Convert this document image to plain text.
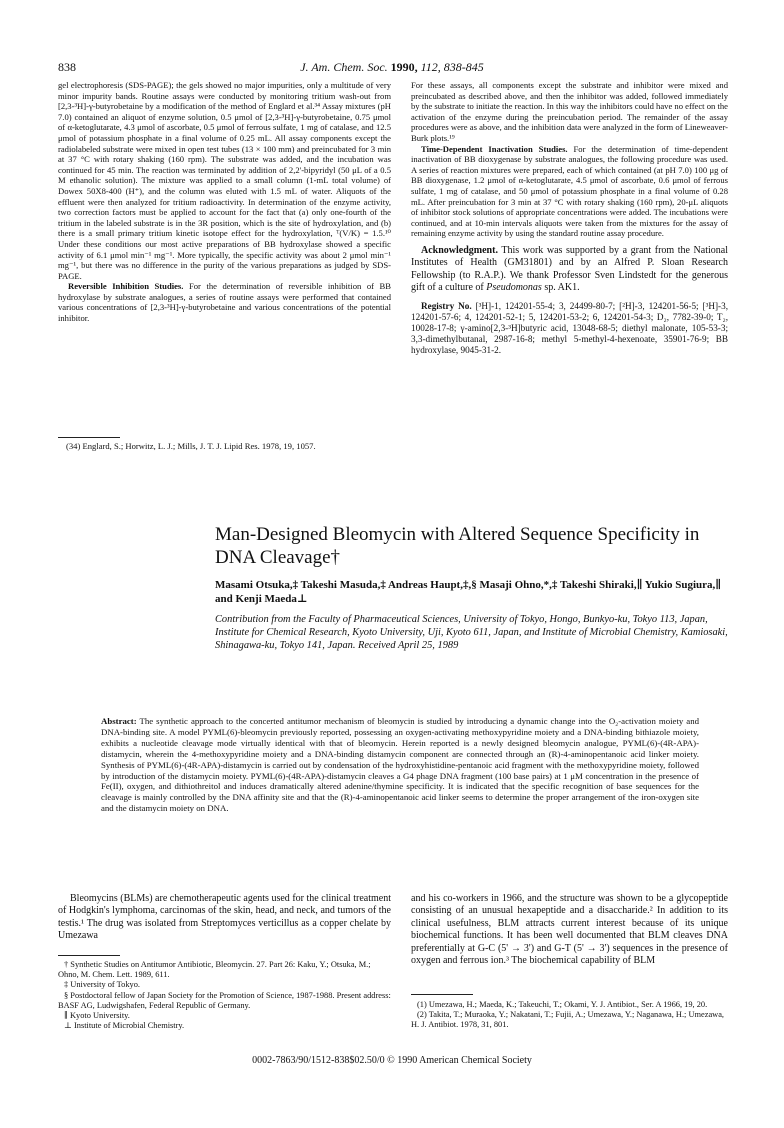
838	J. Am. Chem. Soc. 1990, 112, 838-845

gel electrophoresis (SDS-PAGE); the gels showed no major impurities, only a multitude of very minor impurity bands. Routine assays were conducted by monitoring tritium wash-out from [2,3-³H]-γ-butyrobetaine by a modification of the method of Englard et al.³⁴ Assay mixtures (pH 7.0) contained an aliquot of enzyme solution, 0.5 μmol of [2,3-³H]-γ-butyrobetaine, 0.75 μmol of α-ketoglutarate, 4.3 μmol of ascorbate, 0.5 μmol of ferrous sulfate, 1 mg of catalase, and 12.5 μmol of potassium phosphate in a final volume of 0.25 mL. All assay components except the radiolabeled substrate were mixed in open test tubes (13 × 100 mm) and preincubated for 3 min at 37 °C with rotary shaking (160 rpm). The substrate was added, and the incubation was continued for 45 min. The reaction was terminated by addition of 2,2'-bipyridyl (50 μL of a 0.5 M ethanolic solution). The mixture was applied to a small column (1-mL total volume) of Dowex 50X8-400 (H⁺), and the column was eluted with 1.5 mL of water. Aliquots of the effluent were then analyzed for tritium radioactivity. In determination of the enzyme activity, two correction factors must be applied to account for the fact that (a) only one-fourth of the tritium in the labeled substrate is in the 3R position, which is the site of hydroxylation, and (b) there is a small primary tritium kinetic isotope effect for the hydroxylation, ᵀ(V/K) = 1.5.¹⁰ Under these conditions our most active preparations of BB hydroxylase showed a specific activity of 6.1 μmol min⁻¹ mg⁻¹. More typically, the specific activity was about 2 μmol min⁻¹ mg⁻¹, but there was no difference in the purity of the various preparations as judged by SDS-PAGE.

Reversible Inhibition Studies. For the determination of reversible inhibition of BB hydroxylase by substrate analogues, a series of routine assays were performed that contained various concentrations of [2,3-³H]-γ-butyrobetaine and various concentrations of the potential inhibitor.

For these assays, all components except the substrate and inhibitor were mixed and preincubated as described above, and then the inhibitor was added, followed immediately by the substrate to initiate the reaction. In this way the inhibitors could have no effect on the activation of the enzyme during the preincubation period. The remainder of the assay procedures were as above, and the inhibition data were analyzed in the form of Lineweaver-Burk plots.¹⁹

Time-Dependent Inactivation Studies. For the determination of time-dependent inactivation of BB dioxygenase by substrate analogues, the following procedure was used. A series of reaction mixtures were prepared, each of which contained (at pH 7.0) 100 μg of BB dioxygenase, 1.2 μmol of α-ketoglutarate, 4.5 μmol of ascorbate, 0.6 μmol of ferrous sulfate, 1 mg of catalase, and 50 μmol of potassium phosphate in a final volume of 0.28 mL. After preincubation for 3 min at 37 °C with rotary shaking (160 rpm), 20-μL aliquots of inhibitor stock solutions of appropriate concentrations were added. The incubations were continued, and at 10-min intervals aliquots were taken from the mixtures for the assay of remaining enzyme activity by using the standard routine assay procedure.

Acknowledgment. This work was supported by a grant from the National Institutes of Health (GM31801) and by an Alfred P. Sloan Research Fellowship (to R.A.P.). We thank Professor Sven Lindstedt for the generous gift of a culture of Pseudomonas sp. AK1.

Registry No. [³H]-1, 124201-55-4; 3, 24499-80-7; [²H]-3, 124201-56-5; [³H]-3, 124201-57-6; 4, 124201-52-1; 5, 124201-53-2; 6, 124201-54-3; D₂, 7782-39-0; T₂, 10028-17-8; γ-amino[2,3-³H]butyric acid, 13048-68-5; diethyl malonate, 105-53-3; 3,3-dimethylbutanal, 2987-16-8; methyl 5-methyl-4-hexenoate, 35901-76-9; BB hydroxylase, 9045-31-2.

(34) Englard, S.; Horwitz, L. J.; Mills, J. T. J. Lipid Res. 1978, 19, 1057.
Man-Designed Bleomycin with Altered Sequence Specificity in DNA Cleavage†
Masami Otsuka,‡ Takeshi Masuda,‡ Andreas Haupt,‡,§ Masaji Ohno,*,‡ Takeshi Shiraki,∥ Yukio Sugiura,∥ and Kenji Maeda⊥
Contribution from the Faculty of Pharmaceutical Sciences, University of Tokyo, Hongo, Bunkyo-ku, Tokyo 113, Japan, Institute for Chemical Research, Kyoto University, Uji, Kyoto 611, Japan, and Institute of Microbial Chemistry, Kamiosaki, Shinagawa-ku, Tokyo 141, Japan. Received April 25, 1989
Abstract: The synthetic approach to the concerted antitumor mechanism of bleomycin is studied by introducing a dynamic change into the O₂-activation moiety and DNA-binding site. A model PYML(6)-bleomycin previously reported, possessing an oxygen-activating methoxypyridine moiety and a DNA-binding bithiazole moiety, exhibits a nucleotide cleavage mode virtually identical with that of bleomycin. Herein reported is a newly designed bleomycin analogue, PYML(6)-(4R-APA)-distamycin, wherein the 4-methoxypyridine moiety and a DNA-binding distamycin component are connected through an (R)-4-aminopentanoic acid linker moiety. Synthesis of PYML(6)-(4R-APA)-distamycin is carried out by condensation of the hydroxyhistidine-pentanoic acid fragment with the methoxypyridine moiety, followed by introduction of the distamycin moiety. PYML(6)-(4R-APA)-distamycin cleaves a G4 phage DNA fragment (100 base pairs) at 1 μM concentration in the presence of Fe(II), oxygen, and dithiothreitol and induces dramatically altered adenine/thymine specificity. It is indicated that the specific recognition of base sequences for the cleavage is mainly controlled by the DNA affinity site and that the (R)-4-aminopentanoic acid linker seems to determine the proper arrangement of the iron-oxygen site and the distamycin moiety on DNA.

Bleomycins (BLMs) are chemotherapeutic agents used for the clinical treatment of Hodgkin's lymphoma, carcinomas of the skin, head, and neck, and tumors of the testis.¹ The drug was isolated from Streptomyces verticillus as a copper chelate by Umezawa

and his co-workers in 1966, and the structure was shown to be a glycopeptide consisting of an unusual hexapeptide and a disaccharide.² In addition to its clinical usefulness, BLM attracts current interest because of its unique biochemical functions. It has been well documented that BLM cleaves DNA preferentially at G-C (5' → 3') and G-T (5' → 3') sequences in the presence of oxygen and ferrous ion.³ The biochemical capability of BLM

† Synthetic Studies on Antitumor Antibiotic, Bleomycin. 27. Part 26: Kaku, Y.; Otsuka, M.; Ohno, M. Chem. Lett. 1989, 611.
‡ University of Tokyo.
§ Postdoctoral fellow of Japan Society for the Promotion of Science, 1987-1988. Present address: BASF AG, Ludwigshafen, Federal Republic of Germany.
∥ Kyoto University.
⊥ Institute of Microbial Chemistry.
(1) Umezawa, H.; Maeda, K.; Takeuchi, T.; Okami, Y. J. Antibiot., Ser. A 1966, 19, 20.
(2) Takita, T.; Muraoka, Y.; Nakatani, T.; Fujii, A.; Umezawa, Y.; Naganawa, H.; Umezawa, H. J. Antibiot. 1978, 31, 801.
0002-7863/90/1512-838$02.50/0 © 1990 American Chemical Society
